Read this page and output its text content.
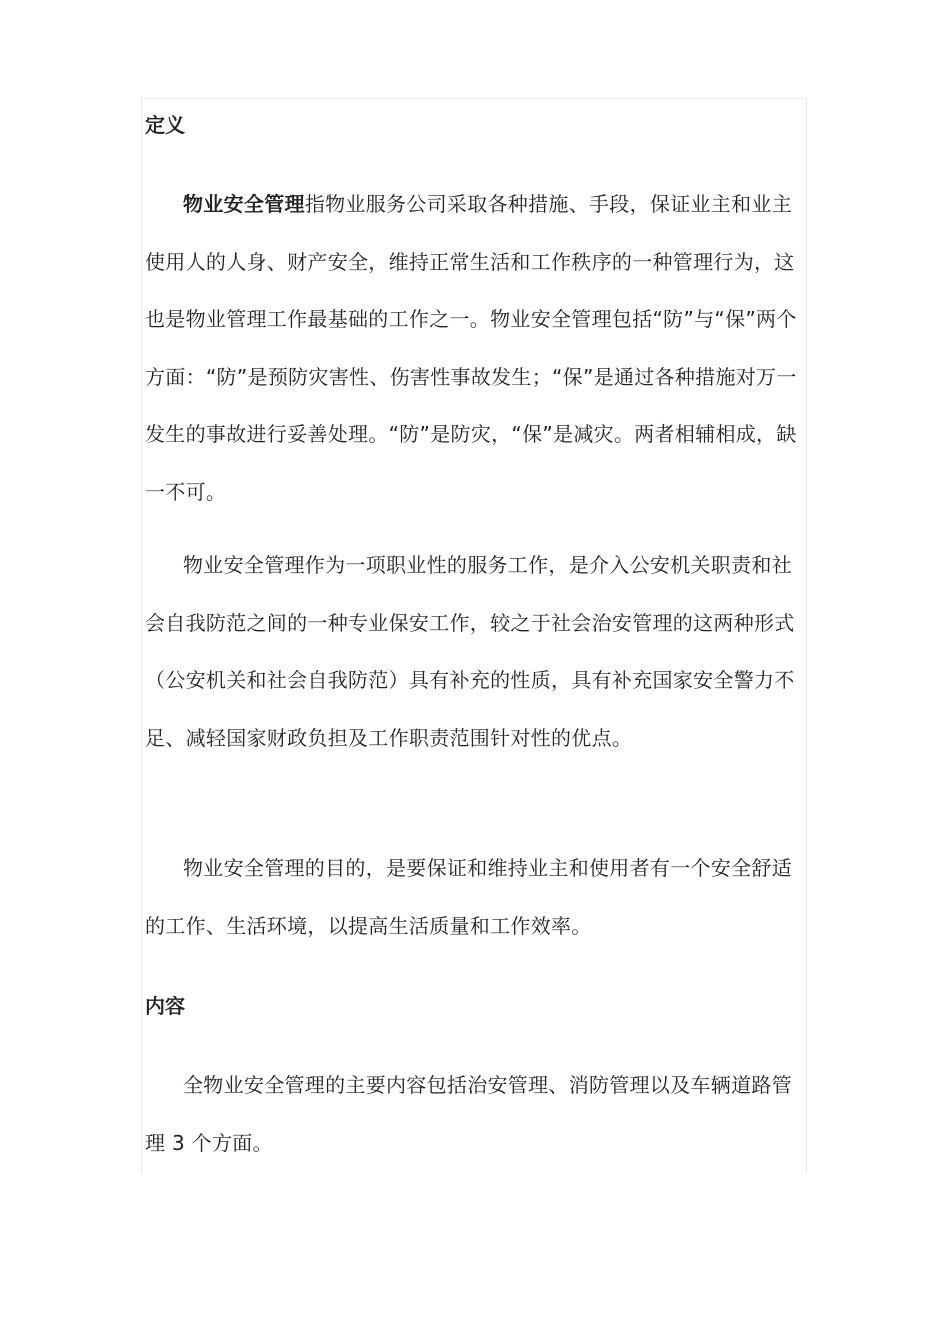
定义

物业安全管理指物业服务公司采取各种措施、手段，保证业主和业主使用人的人身、财产安全，维持正常生活和工作秩序的一种管理行为，这也是物业管理工作最基础的工作之一。物业安全管理包括“防”与“保”两个方面：“防”是预防灾害性、伤害性事故发生；“保”是通过各种措施对万一发生的事故进行妥善处理。“防”是防灾，“保”是减灾。两者相辅相成，缺一不可。

物业安全管理作为一项职业性的服务工作，是介入公安机关职责和社会自我防范之间的一种专业保安工作，较之于社会治安管理的这两种形式（公安机关和社会自我防范）具有补充的性质，具有补充国家安全警力不足、减轻国家财政负担及工作职责范围针对性的优点。

物业安全管理的目的，是要保证和维持业主和使用者有一个安全舒适的工作、生活环境，以提高生活质量和工作效率。

内容

全物业安全管理的主要内容包括治安管理、消防管理以及车辆道路管理 3 个方面。
